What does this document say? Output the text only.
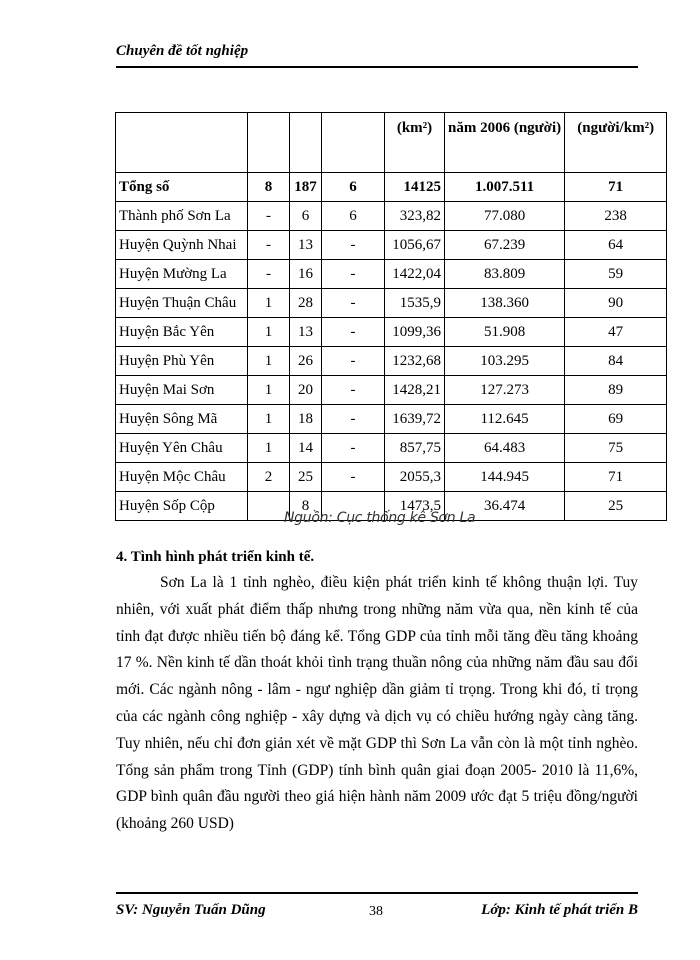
Chuyên đề tốt nghiệp
				(km²)	năm 2006 (người)	(người/km²)
Tổng số	8	187	6	14125	1.007.511	71
Thành phố Sơn La	-	6	6	323,82	77.080	238
Huyện Quỳnh Nhai	-	13	-	1056,67	67.239	64
Huyện Mường La	-	16	-	1422,04	83.809	59
Huyện Thuận Châu	1	28	-	1535,9	138.360	90
Huyện Bắc Yên	1	13	-	1099,36	51.908	47
Huyện Phù Yên	1	26	-	1232,68	103.295	84
Huyện Mai Sơn	1	20	-	1428,21	127.273	89
Huyện Sông Mã	1	18	-	1639,72	112.645	69
Huyện Yên Châu	1	14	-	857,75	64.483	75
Huyện Mộc Châu	2	25	-	2055,3	144.945	71
Huyện Sốp Cộp		8		1473,5	36.474	25
Nguồn: Cục thống kê Sơn La
4. Tình hình phát triển kinh tế.

Sơn La là 1 tỉnh nghèo, điều kiện phát triển kinh tế không thuận lợi. Tuy nhiên, với xuất phát điểm thấp nhưng trong những năm vừa qua, nền kinh tế của tỉnh đạt được nhiều tiến bộ đáng kể. Tổng GDP của tỉnh mỗi tăng đều tăng khoảng 17 %. Nền kinh tế dần thoát khỏi tình trạng thuần nông của những năm đầu sau đổi mới. Các ngành nông - lâm - ngư nghiệp dần giảm tỉ trọng. Trong khi đó, tỉ trọng của các ngành công nghiệp - xây dựng và dịch vụ có chiều hướng ngày càng tăng. Tuy nhiên, nếu chỉ đơn giản xét về mặt GDP thì Sơn La vẫn còn là một tỉnh nghèo. Tổng sản phẩm trong Tỉnh (GDP) tính bình quân giai đoạn 2005- 2010 là 11,6%, GDP bình quân đầu người theo giá hiện hành năm 2009 ước đạt 5 triệu đồng/người (khoảng 260 USD)

SV: Nguyễn Tuấn Dũng	38	Lớp: Kinh tế phát triển B
